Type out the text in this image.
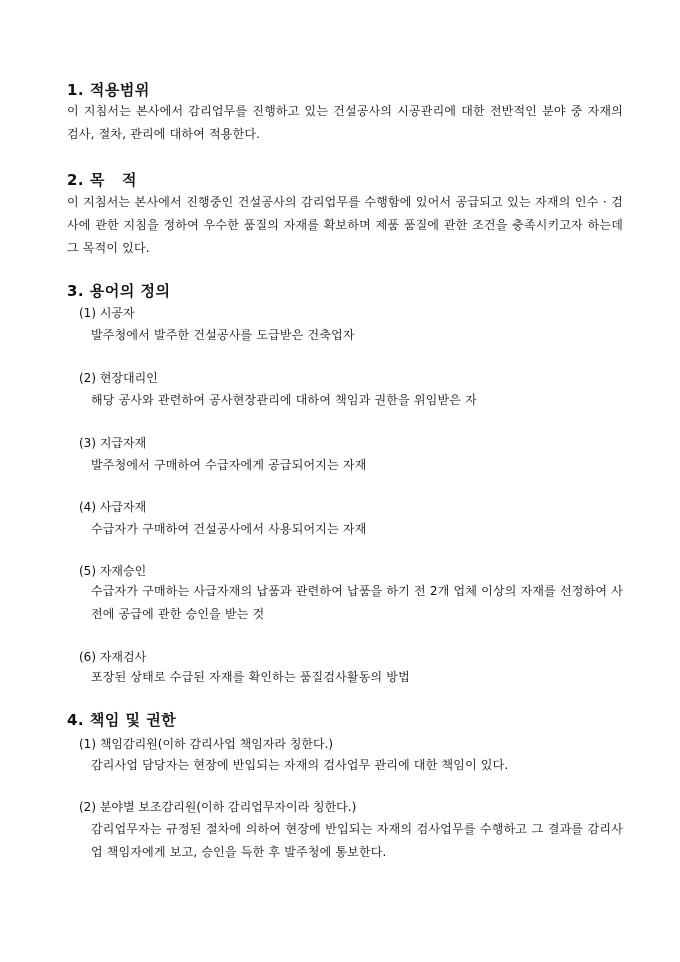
1. 적용범위
이 지침서는 본사에서 감리업무를 진행하고 있는 건설공사의 시공관리에 대한 전반적인 분야 중 자재의 검사, 절차, 관리에 대하여 적용한다.
2. 목   적
이 지침서는 본사에서 진행중인 건설공사의 감리업무를 수행함에 있어서 공급되고 있는 자재의 인수 · 검사에 관한 지침을 정하여 우수한 품질의 자재를 확보하며 제품 품질에 관한 조건을 충족시키고자 하는데 그 목적이 있다.
3. 용어의 정의
(1) 시공자
발주청에서 발주한 건설공사를 도급받은 건축업자
(2) 현장대리인
해당 공사와 관련하여 공사현장관리에 대하여 책임과 권한을 위임받은 자
(3) 지급자재
발주청에서 구매하여 수급자에게 공급되어지는 자재
(4) 사급자재
수급자가 구매하여 건설공사에서 사용되어지는 자재
(5) 자재승인
수급자가 구매하는 사급자재의 납품과 관련하여 납품을 하기 전 2개 업체 이상의 자재를 선정하여 사전에 공급에 관한 승인을 받는 것
(6) 자재검사
포장된 상태로 수급된 자재를 확인하는 품질검사활동의 방법
4. 책임 및 권한
(1) 책임감리원(이하 감리사업 책임자라 칭한다.)
감리사업 담당자는 현장에 반입되는 자재의 검사업무 관리에 대한 책임이 있다.
(2) 분야별 보조감리원(이하 감리업무자이라 칭한다.)
감리업무자는 규정된 절차에 의하여 현장에 반입되는 자재의 검사업무를 수행하고 그 결과를 감리사업 책임자에게 보고, 승인을 득한 후 발주청에 통보한다.
